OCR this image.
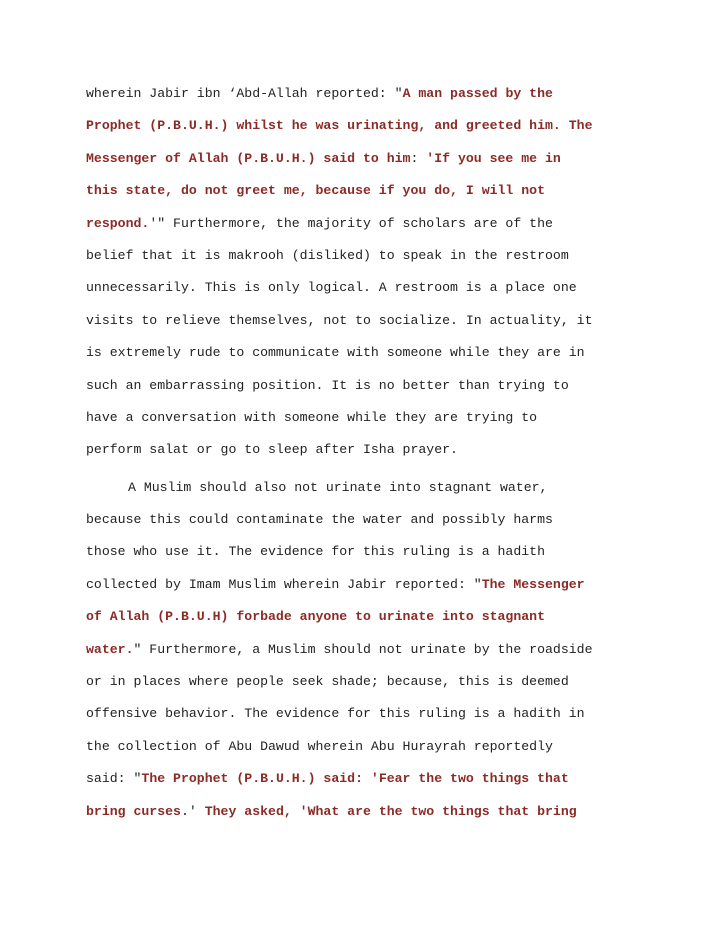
wherein Jabir ibn ‘Abd-Allah reported: "A man passed by the
Prophet (P.B.U.H.) whilst he was urinating, and greeted him. The
Messenger of Allah (P.B.U.H.) said to him: 'If you see me in
this state, do not greet me, because if you do, I will not
respond.'" Furthermore, the majority of scholars are of the
belief that it is makrooh (disliked) to speak in the restroom
unnecessarily. This is only logical. A restroom is a place one
visits to relieve themselves, not to socialize. In actuality, it
is extremely rude to communicate with someone while they are in
such an embarrassing position. It is no better than trying to
have a conversation with someone while they are trying to
perform salat or go to sleep after Isha prayer.
A Muslim should also not urinate into stagnant water,
because this could contaminate the water and possibly harms
those who use it. The evidence for this ruling is a hadith
collected by Imam Muslim wherein Jabir reported: "The Messenger
of Allah (P.B.U.H) forbade anyone to urinate into stagnant
water." Furthermore, a Muslim should not urinate by the roadside
or in places where people seek shade; because, this is deemed
offensive behavior. The evidence for this ruling is a hadith in
the collection of Abu Dawud wherein Abu Hurayrah reportedly
said: "The Prophet (P.B.U.H.) said: 'Fear the two things that
bring curses.' They asked, 'What are the two things that bring
